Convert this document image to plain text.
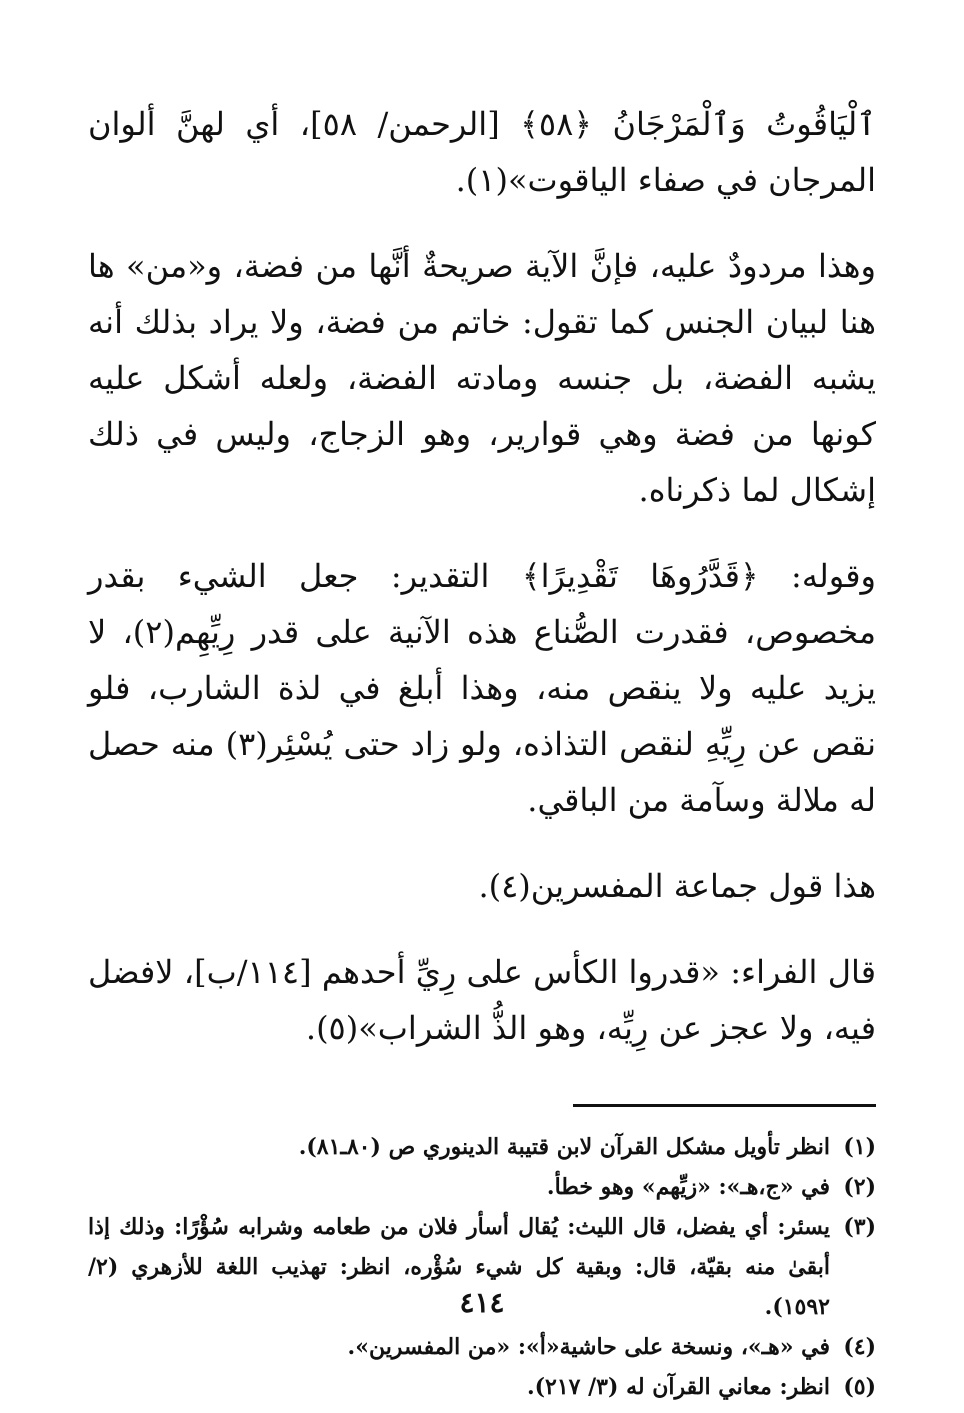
ٱلْيَاقُوتُ وَٱلْمَرْجَانُ ﴿٥٨﴾ [الرحمن/ ٥٨]، أي لهنَّ ألوان المرجان في صفاء الياقوت»(١).

وهذا مردودٌ عليه، فإنَّ الآية صريحةٌ أنَّها من فضة، و«من» ها هنا لبيان الجنس كما تقول: خاتم من فضة، ولا يراد بذلك أنه يشبه الفضة، بل جنسه ومادته الفضة، ولعله أشكل عليه كونها من فضة وهي قوارير، وهو الزجاج، وليس في ذلك إشكال لما ذكرناه.

وقوله: ﴿قَدَّرُوهَا تَقْدِيرًا﴾ التقدير: جعل الشيء بقدر مخصوص، فقدرت الصُّناع هذه الآنية على قدر رِيِّهِم(٢)، لا يزيد عليه ولا ينقص منه، وهذا أبلغ في لذة الشارب، فلو نقص عن رِيِّهِ لنقص التذاذه، ولو زاد حتى يُسْئِر(٣) منه حصل له ملالة وسآمة من الباقي.

هذا قول جماعة المفسرين(٤).

قال الفراء: «قدروا الكأس على رِيِّ أحدهم [١١٤/ب]، لافضل فيه، ولا عجز عن رِيِّه، وهو الذُّ الشراب»(٥).

(١)
انظر تأويل مشكل القرآن لابن قتيبة الدينوري ص (٨٠ـ٨١).
(٢)
في «ج،هـ»: «زيِّهم» وهو خطأ.
(٣)
يسئر: أي يفضل، قال الليث: يُقال أسأر فلان من طعامه وشرابه سُؤْرًا: وذلك إذا أبقىٰ منه بقيّة، قال: وبقية كل شيء سُؤْره، انظر: تهذيب اللغة للأزهري (٢/ ١٥٩٢).
(٤)
في «هـ»، ونسخة على حاشية«أ»: «من المفسرين».
(٥)
انظر: معاني القرآن له (٣/ ٢١٧).
٤١٤
